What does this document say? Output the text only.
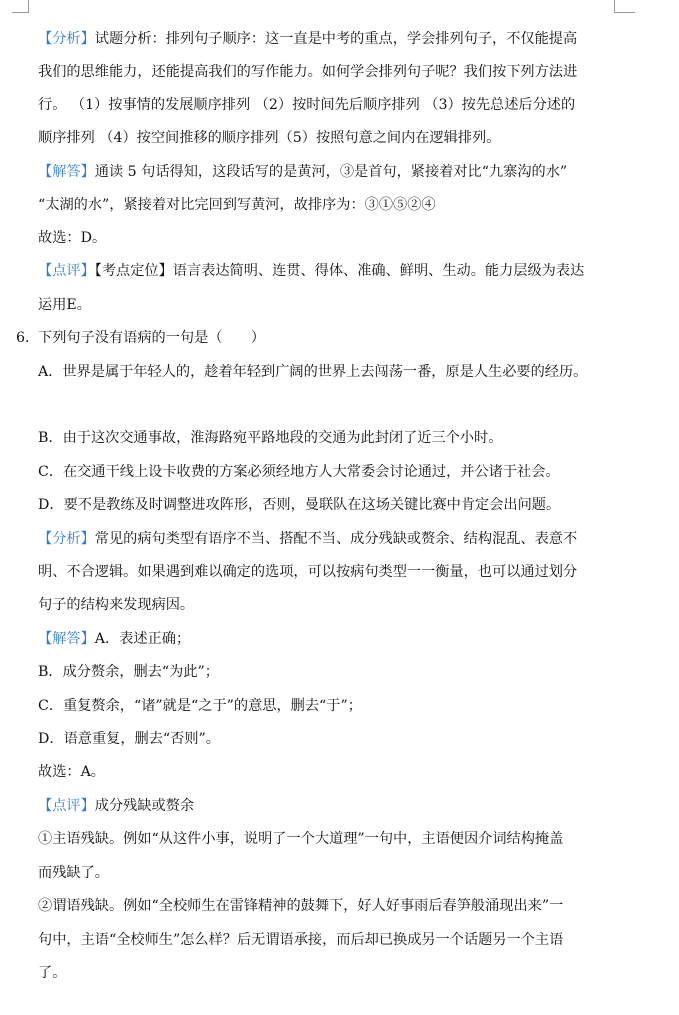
【分析】试题分析：排列句子顺序：这一直是中考的重点，学会排列句子，不仅能提高
我们的思维能力，还能提高我们的写作能力。如何学会排列句子呢？我们按下列方法进
行。 （1）按事情的发展顺序排列 （2）按时间先后顺序排列 （3）按先总述后分述的
顺序排列 （4）按空间推移的顺序排列（5）按照句意之间内在逻辑排列。
【解答】通读 5 句话得知，这段话写的是黄河，③是首句，紧接着对比“九寨沟的水”
“太湖的水”，紧接着对比完回到写黄河，故排序为：③①⑤②④
故选：D。
【点评】【考点定位】语言表达简明、连贯、得体、准确、鲜明、生动。能力层级为表达
运用E。
6．
下列句子没有语病的一句是（　　）
A．世界是属于年轻人的，趁着年轻到广阔的世界上去闯荡一番，原是人生必要的经历。
B．由于这次交通事故，淮海路宛平路地段的交通为此封闭了近三个小时。
C．在交通干线上设卡收费的方案必须经地方人大常委会讨论通过，并公诸于社会。
D．要不是教练及时调整进攻阵形，否则，曼联队在这场关键比赛中肯定会出问题。
【分析】常见的病句类型有语序不当、搭配不当、成分残缺或赘余、结构混乱、表意不
明、不合逻辑。如果遇到难以确定的选项，可以按病句类型一一衡量，也可以通过划分
句子的结构来发现病因。
【解答】A．表述正确；
B．成分赘余，删去“为此”；
C．重复赘余，“诸”就是“之于”的意思，删去“于”；
D．语意重复，删去“否则”。
故选：A。
【点评】成分残缺或赘余
①主语残缺。例如“从这件小事，说明了一个大道理”一句中，主语便因介词结构掩盖
而残缺了。
②谓语残缺。例如“全校师生在雷锋精神的鼓舞下，好人好事雨后春笋般涌现出来”一
句中，主语“全校师生”怎么样？后无谓语承接，而后却已换成另一个话题另一个主语
了。
